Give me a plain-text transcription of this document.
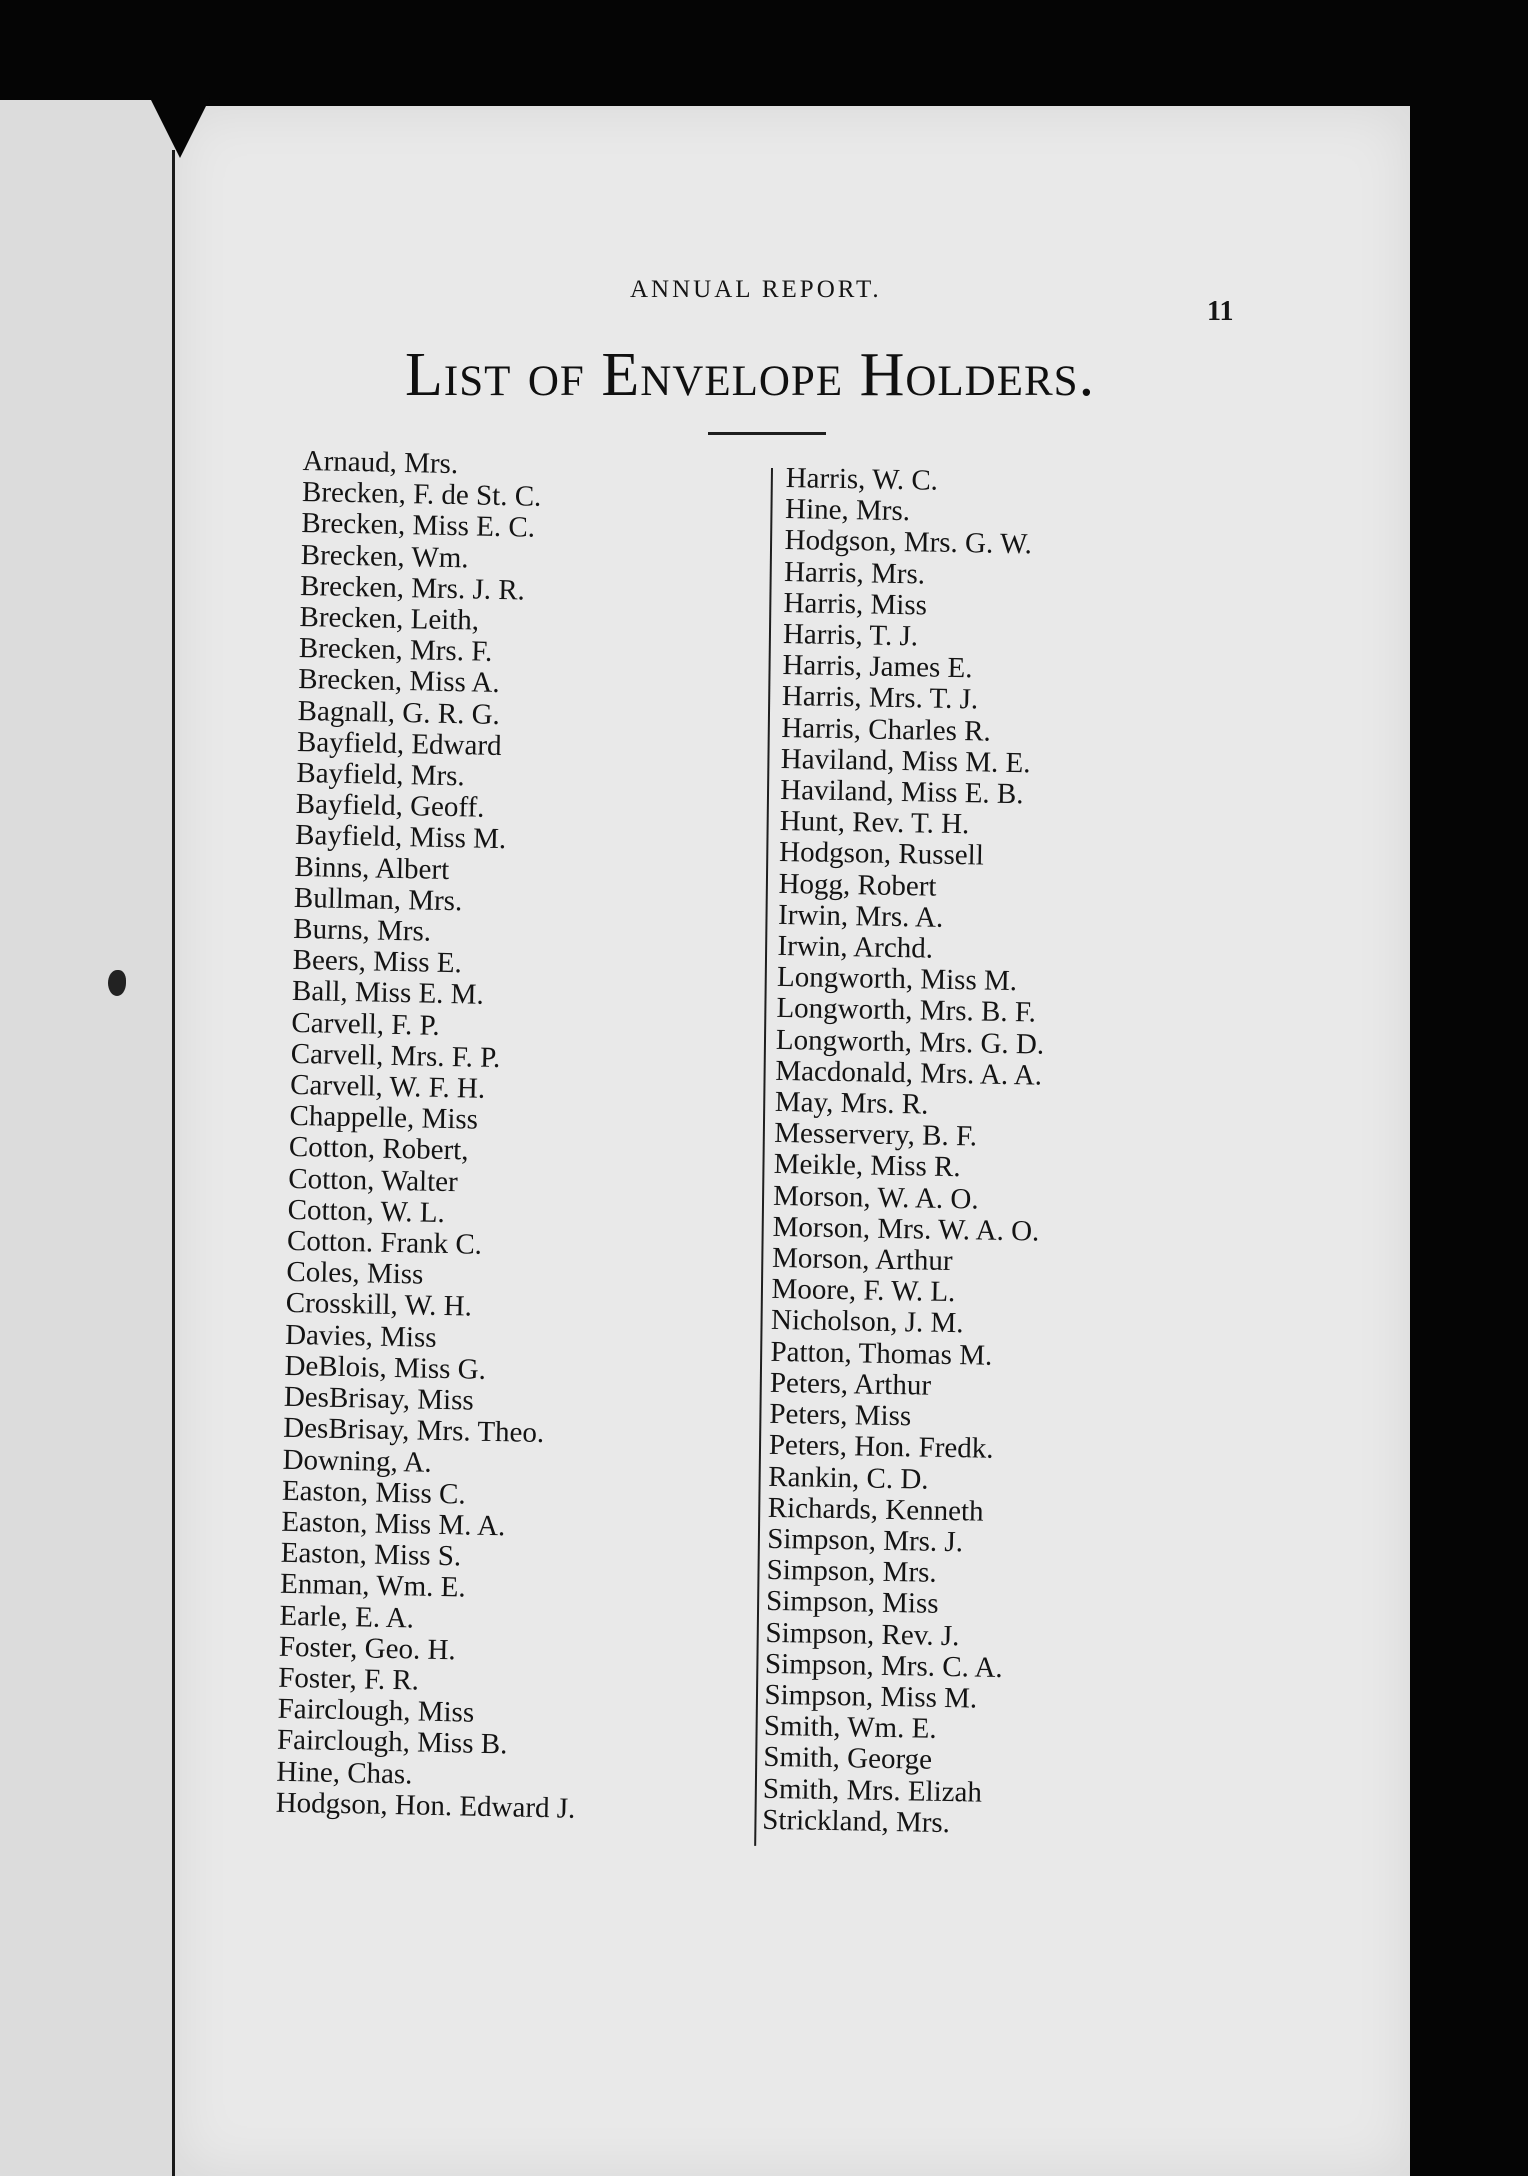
ANNUAL REPORT.
11
List of Envelope Holders.
Arnaud, Mrs.
Brecken, F. de St. C.
Brecken, Miss E. C.
Brecken, Wm.
Brecken, Mrs. J. R.
Brecken, Leith,
Brecken, Mrs. F.
Brecken, Miss A.
Bagnall, G. R. G.
Bayfield, Edward
Bayfield, Mrs.
Bayfield, Geoff.
Bayfield, Miss M.
Binns, Albert
Bullman, Mrs.
Burns, Mrs.
Beers, Miss E.
Ball, Miss E. M.
Carvell, F. P.
Carvell, Mrs. F. P.
Carvell, W. F. H.
Chappelle, Miss
Cotton, Robert,
Cotton, Walter
Cotton, W. L.
Cotton. Frank C.
Coles, Miss
Crosskill, W. H.
Davies, Miss
DeBlois, Miss G.
DesBrisay, Miss
DesBrisay, Mrs. Theo.
Downing, A.
Easton, Miss C.
Easton, Miss M. A.
Easton, Miss S.
Enman, Wm. E.
Earle, E. A.
Foster, Geo. H.
Foster, F. R.
Fairclough, Miss
Fairclough, Miss B.
Hine, Chas.
Hodgson, Hon. Edward J.
Harris, W. C.
Hine, Mrs.
Hodgson, Mrs. G. W.
Harris, Mrs.
Harris, Miss
Harris, T. J.
Harris, James E.
Harris, Mrs. T. J.
Harris, Charles R.
Haviland, Miss M. E.
Haviland, Miss E. B.
Hunt, Rev. T. H.
Hodgson, Russell
Hogg, Robert
Irwin, Mrs. A.
Irwin, Archd.
Longworth, Miss M.
Longworth, Mrs. B. F.
Longworth, Mrs. G. D.
Macdonald, Mrs. A. A.
May, Mrs. R.
Messervery, B. F.
Meikle, Miss R.
Morson, W. A. O.
Morson, Mrs. W. A. O.
Morson, Arthur
Moore, F. W. L.
Nicholson, J. M.
Patton, Thomas M.
Peters, Arthur
Peters, Miss
Peters, Hon. Fredk.
Rankin, C. D.
Richards, Kenneth
Simpson, Mrs. J.
Simpson, Mrs.
Simpson, Miss
Simpson, Rev. J.
Simpson, Mrs. C. A.
Simpson, Miss M.
Smith, Wm. E.
Smith, George
Smith, Mrs. Elizah
Strickland, Mrs.
